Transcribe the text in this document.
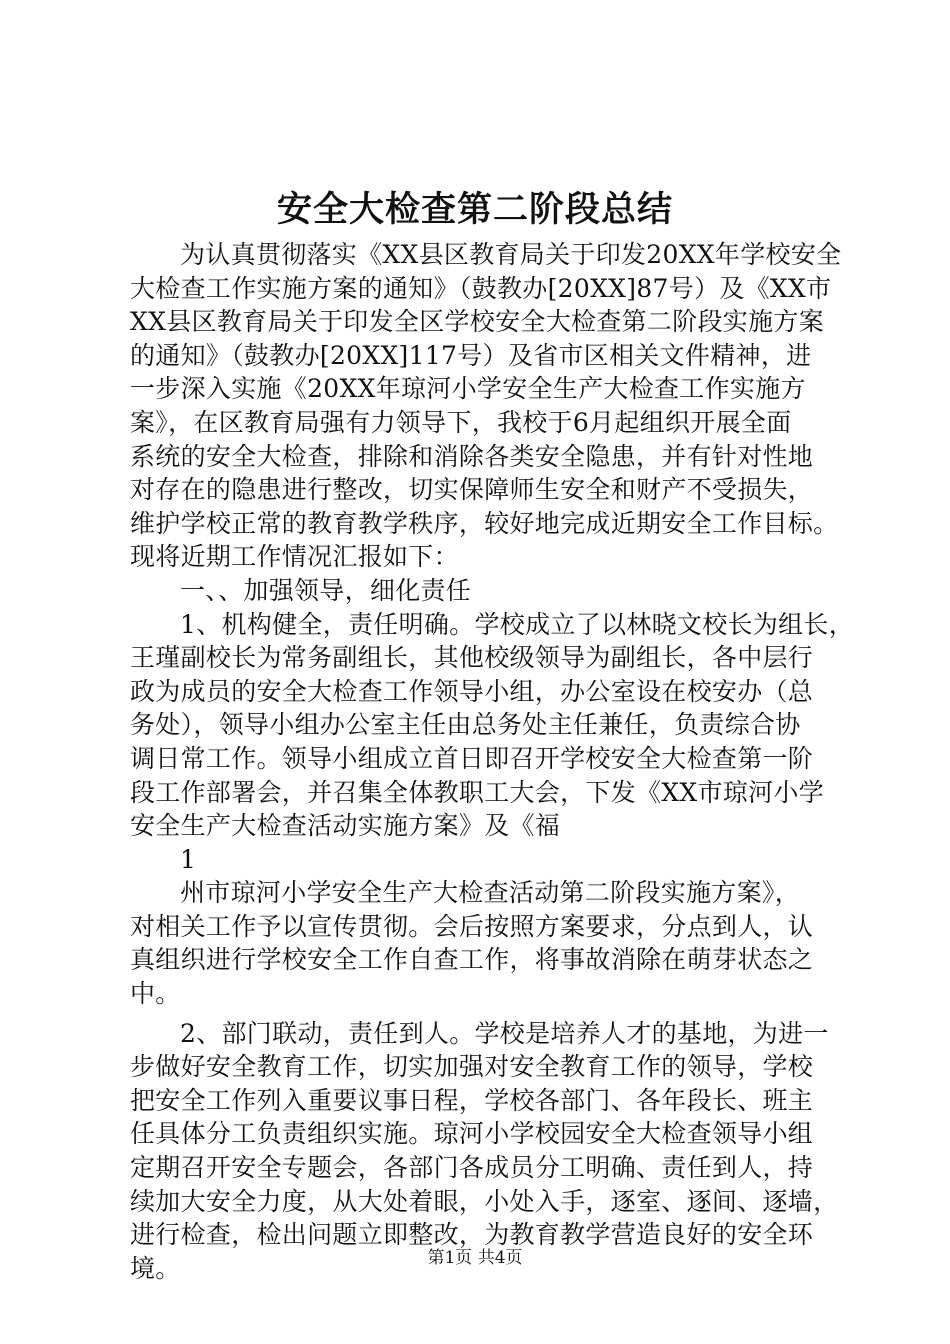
安全大检查第二阶段总结
为认真贯彻落实《XX县区教育局关于印发20XX年学校安全
大检查工作实施方案的通知》（鼓教办[20XX]87号）及《XX市
XX县区教育局关于印发全区学校安全大检查第二阶段实施方案
的通知》（鼓教办[20XX]117号）及省市区相关文件精神，进
一步深入实施《20XX年琼河小学安全生产大检查工作实施方
案》，在区教育局强有力领导下，我校于6月起组织开展全面
系统的安全大检查，排除和消除各类安全隐患，并有针对性地
对存在的隐患进行整改，切实保障师生安全和财产不受损失，
维护学校正常的教育教学秩序，较好地完成近期安全工作目标。
现将近期工作情况汇报如下：
一、、加强领导，细化责任
1、机构健全，责任明确。学校成立了以林晓文校长为组长，
王瑾副校长为常务副组长，其他校级领导为副组长，各中层行
政为成员的安全大检查工作领导小组，办公室设在校安办（总
务处），领导小组办公室主任由总务处主任兼任，负责综合协
调日常工作。领导小组成立首日即召开学校安全大检查第一阶
段工作部署会，并召集全体教职工大会，下发《XX市琼河小学
安全生产大检查活动实施方案》及《福
1
州市琼河小学安全生产大检查活动第二阶段实施方案》，
对相关工作予以宣传贯彻。会后按照方案要求，分点到人，认
真组织进行学校安全工作自查工作，将事故消除在萌芽状态之
中。
2、部门联动，责任到人。学校是培养人才的基地，为进一
步做好安全教育工作，切实加强对安全教育工作的领导，学校
把安全工作列入重要议事日程，学校各部门、各年段长、班主
任具体分工负责组织实施。琼河小学校园安全大检查领导小组
定期召开安全专题会，各部门各成员分工明确、责任到人，持
续加大安全力度，从大处着眼，小处入手，逐室、逐间、逐墙，
进行检查，检出问题立即整改，为教育教学营造良好的安全环
境。	第1页 共4页
